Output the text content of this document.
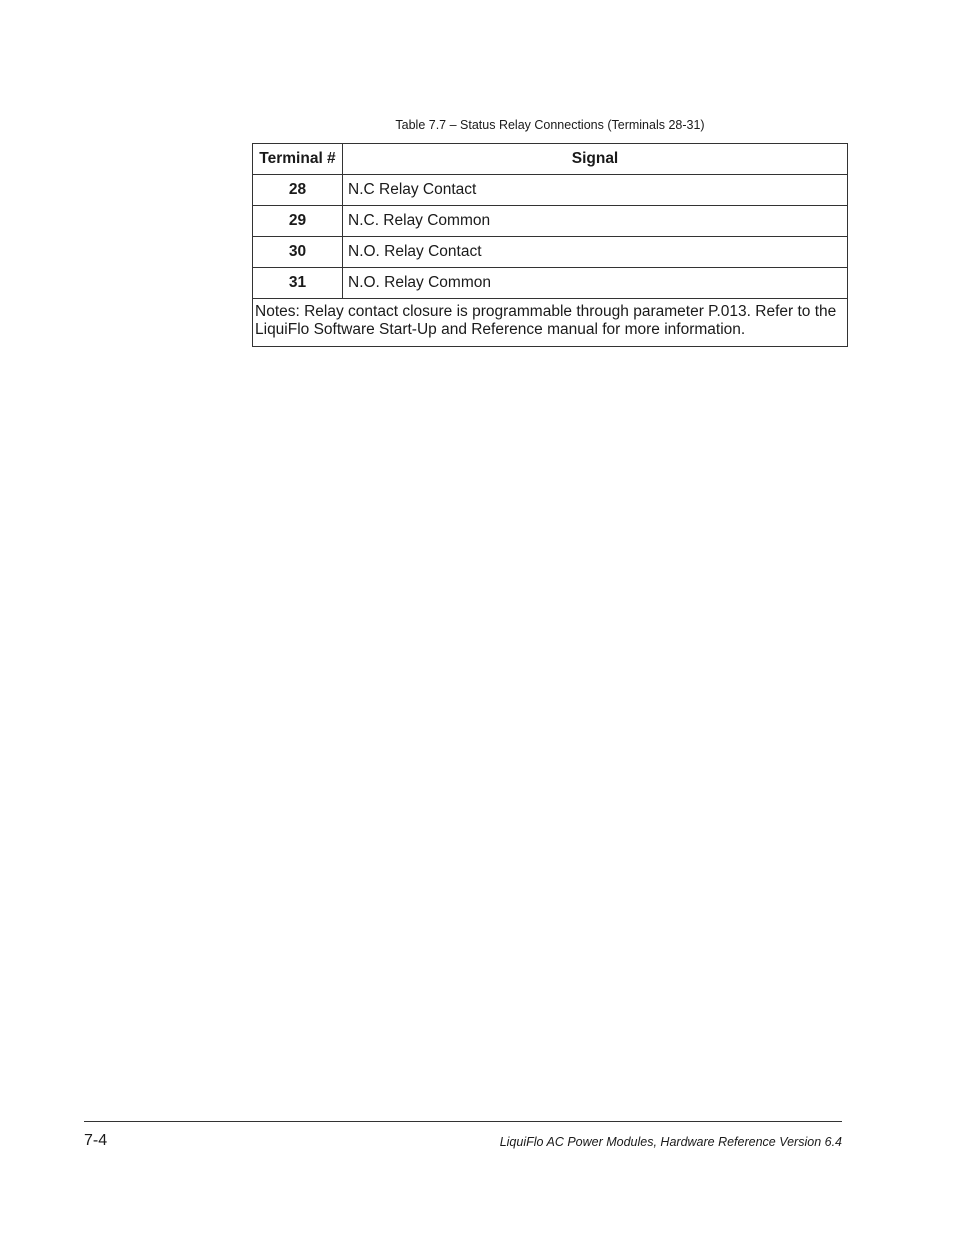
Table 7.7 – Status Relay Connections (Terminals 28-31)
Terminal #	Signal
28	N.C Relay Contact
29	N.C. Relay Common
30	N.O. Relay Contact
31	N.O. Relay Common
Notes: Relay contact closure is programmable through parameter P.013. Refer to the LiquiFlo Software Start-Up and Reference manual for more information.	
7-4	LiquiFlo AC Power Modules, Hardware Reference Version 6.4
